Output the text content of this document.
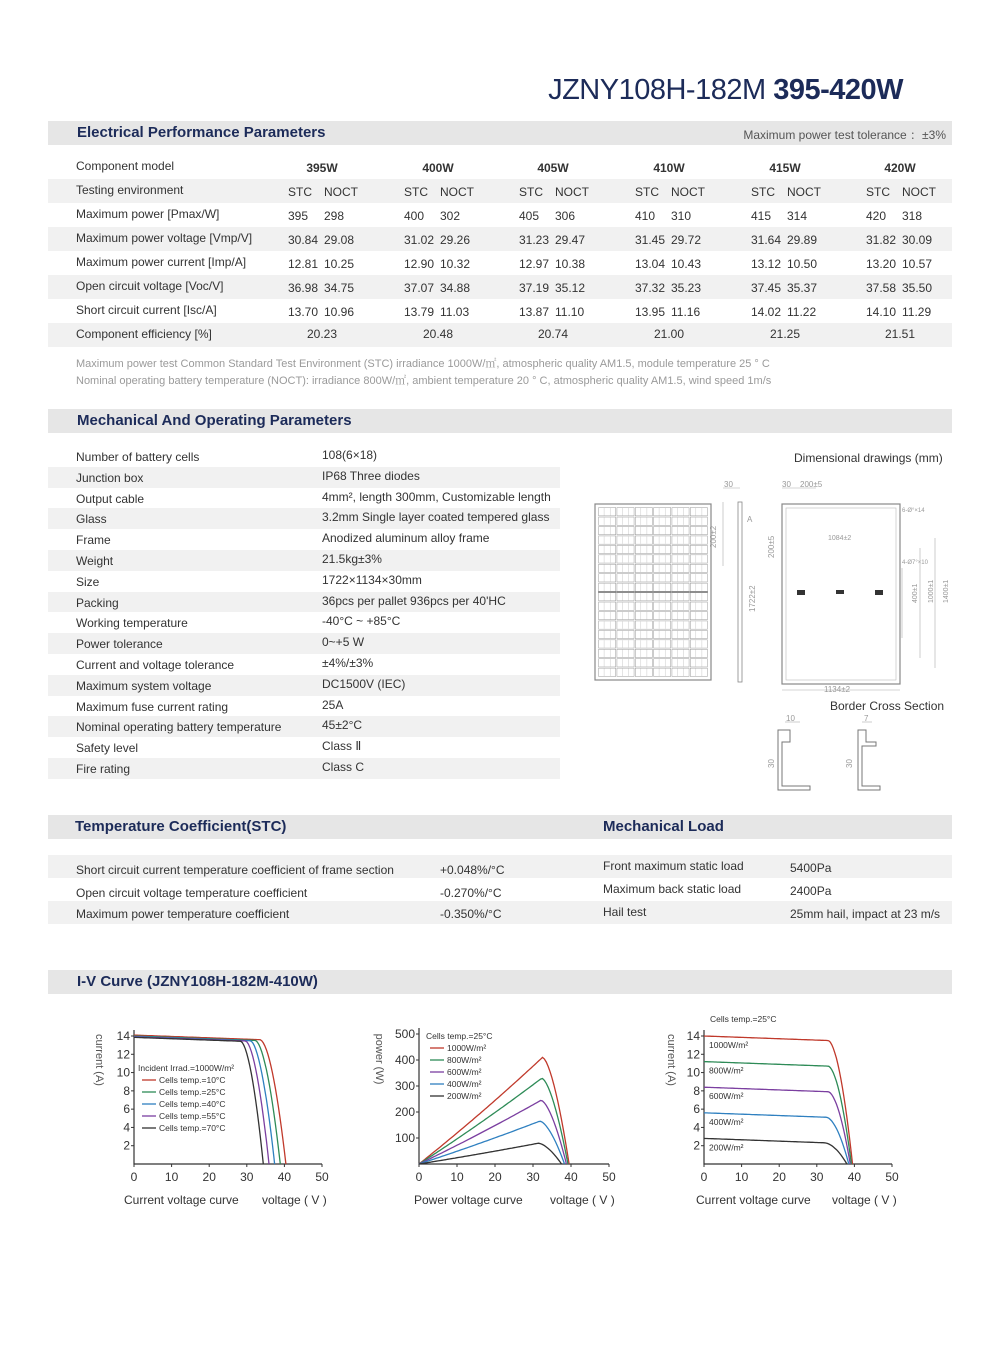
JZNY108H-182M 395-420W
Electrical Performance Parameters	Maximum power test tolerance ：±3%
Component model	395W	400W	405W	410W	415W	420W
Testing environment	STC NOCT	STC NOCT	STC NOCT	STC NOCT	STC NOCT	STC NOCT
Maximum power [Pmax/W]	395 298	400 302	405 306	410 310	415 314	420 318
Maximum power voltage [Vmp/V]	30.84 29.08	31.02 29.26	31.23 29.47	31.45 29.72	31.64 29.89	31.82 30.09
Maximum power current [Imp/A]	12.81 10.25	12.90 10.32	12.97 10.38	13.04 10.43	13.12 10.50	13.20 10.57
Open circuit voltage [Voc/V]	36.98 34.75	37.07 34.88	37.19 35.12	37.32 35.23	37.45 35.37	37.58 35.50
Short circuit current [Isc/A]	13.70 10.96	13.79 11.03	13.87 11.10	13.95 11.16	14.02 11.22	14.10 11.29
Component efficiency [%]	20.23	20.48	20.74	21.00	21.25	21.51
Maximum power test Common Standard Test Environment (STC) irradiance 1000W/㎡, atmospheric quality AM1.5, module temperature 25 ° C
Nominal operating battery temperature (NOCT): irradiance 800W/㎡, ambient temperature 20 ° C, atmospheric quality AM1.5, wind speed 1m/s
Mechanical And Operating Parameters
Number of battery cells	108(6×18)
Junction box	IP68 Three diodes
Output cable	4mm², length 300mm, Customizable length
Glass	3.2mm Single layer coated tempered glass
Frame	Anodized aluminum alloy frame
Weight	21.5kg±3%
Size	1722×1134×30mm
Packing	36pcs per pallet 936pcs per 40'HC
Working temperature	-40°C ~ +85°C
Power tolerance	0~+5 W
Current and voltage tolerance	±4%/±3%
Maximum system voltage	DC1500V (IEC)
Maximum fuse current rating	25A
Nominal operating battery temperature	45±2°C
Safety level	Class Ⅱ
Fire rating	Class C
Dimensional drawings (mm)
Border Cross Section
30
200±2
1722±2
A
30 200±5
200±5	1084±2
6-Ø°×14
4-Ø7°×10
400±1 1000±1 1400±1
1134±2
10
30
7
30
Temperature Coefficient(STC)	Mechanical Load
Short circuit current temperature coefficient of frame section	+0.048%/°C
Open circuit voltage temperature coefficient	-0.270%/°C
Maximum power temperature coefficient	-0.350%/°C
Front maximum static load	5400Pa
Maximum back static load	2400Pa
Hail test	25mm hail, impact at 23 m/s
I-V Curve (JZNY108H-182M-410W)
0 10 20 30 40 50
2
4
6
8
10
12
14
current (A)
Current voltage curve voltage ( V )
Incident Irrad.=1000W/m²
Cells temp.=10°C
Cells temp.=25°C
Cells temp.=40°C
Cells temp.=55°C
Cells temp.=70°C
0 10 20 30 40 50
100
200
300
400
500
power (W)
Power voltage curve voltage ( V )
Cells temp.=25°C
1000W/m²
800W/m²
600W/m²
400W/m²
200W/m²
0 10 20 30 40 50
2
4
6
8
10
12
14
current (A)
Current voltage curve voltage ( V )
Cells temp.=25°C
1000W/m²
800W/m²
600W/m²
400W/m²
200W/m²
